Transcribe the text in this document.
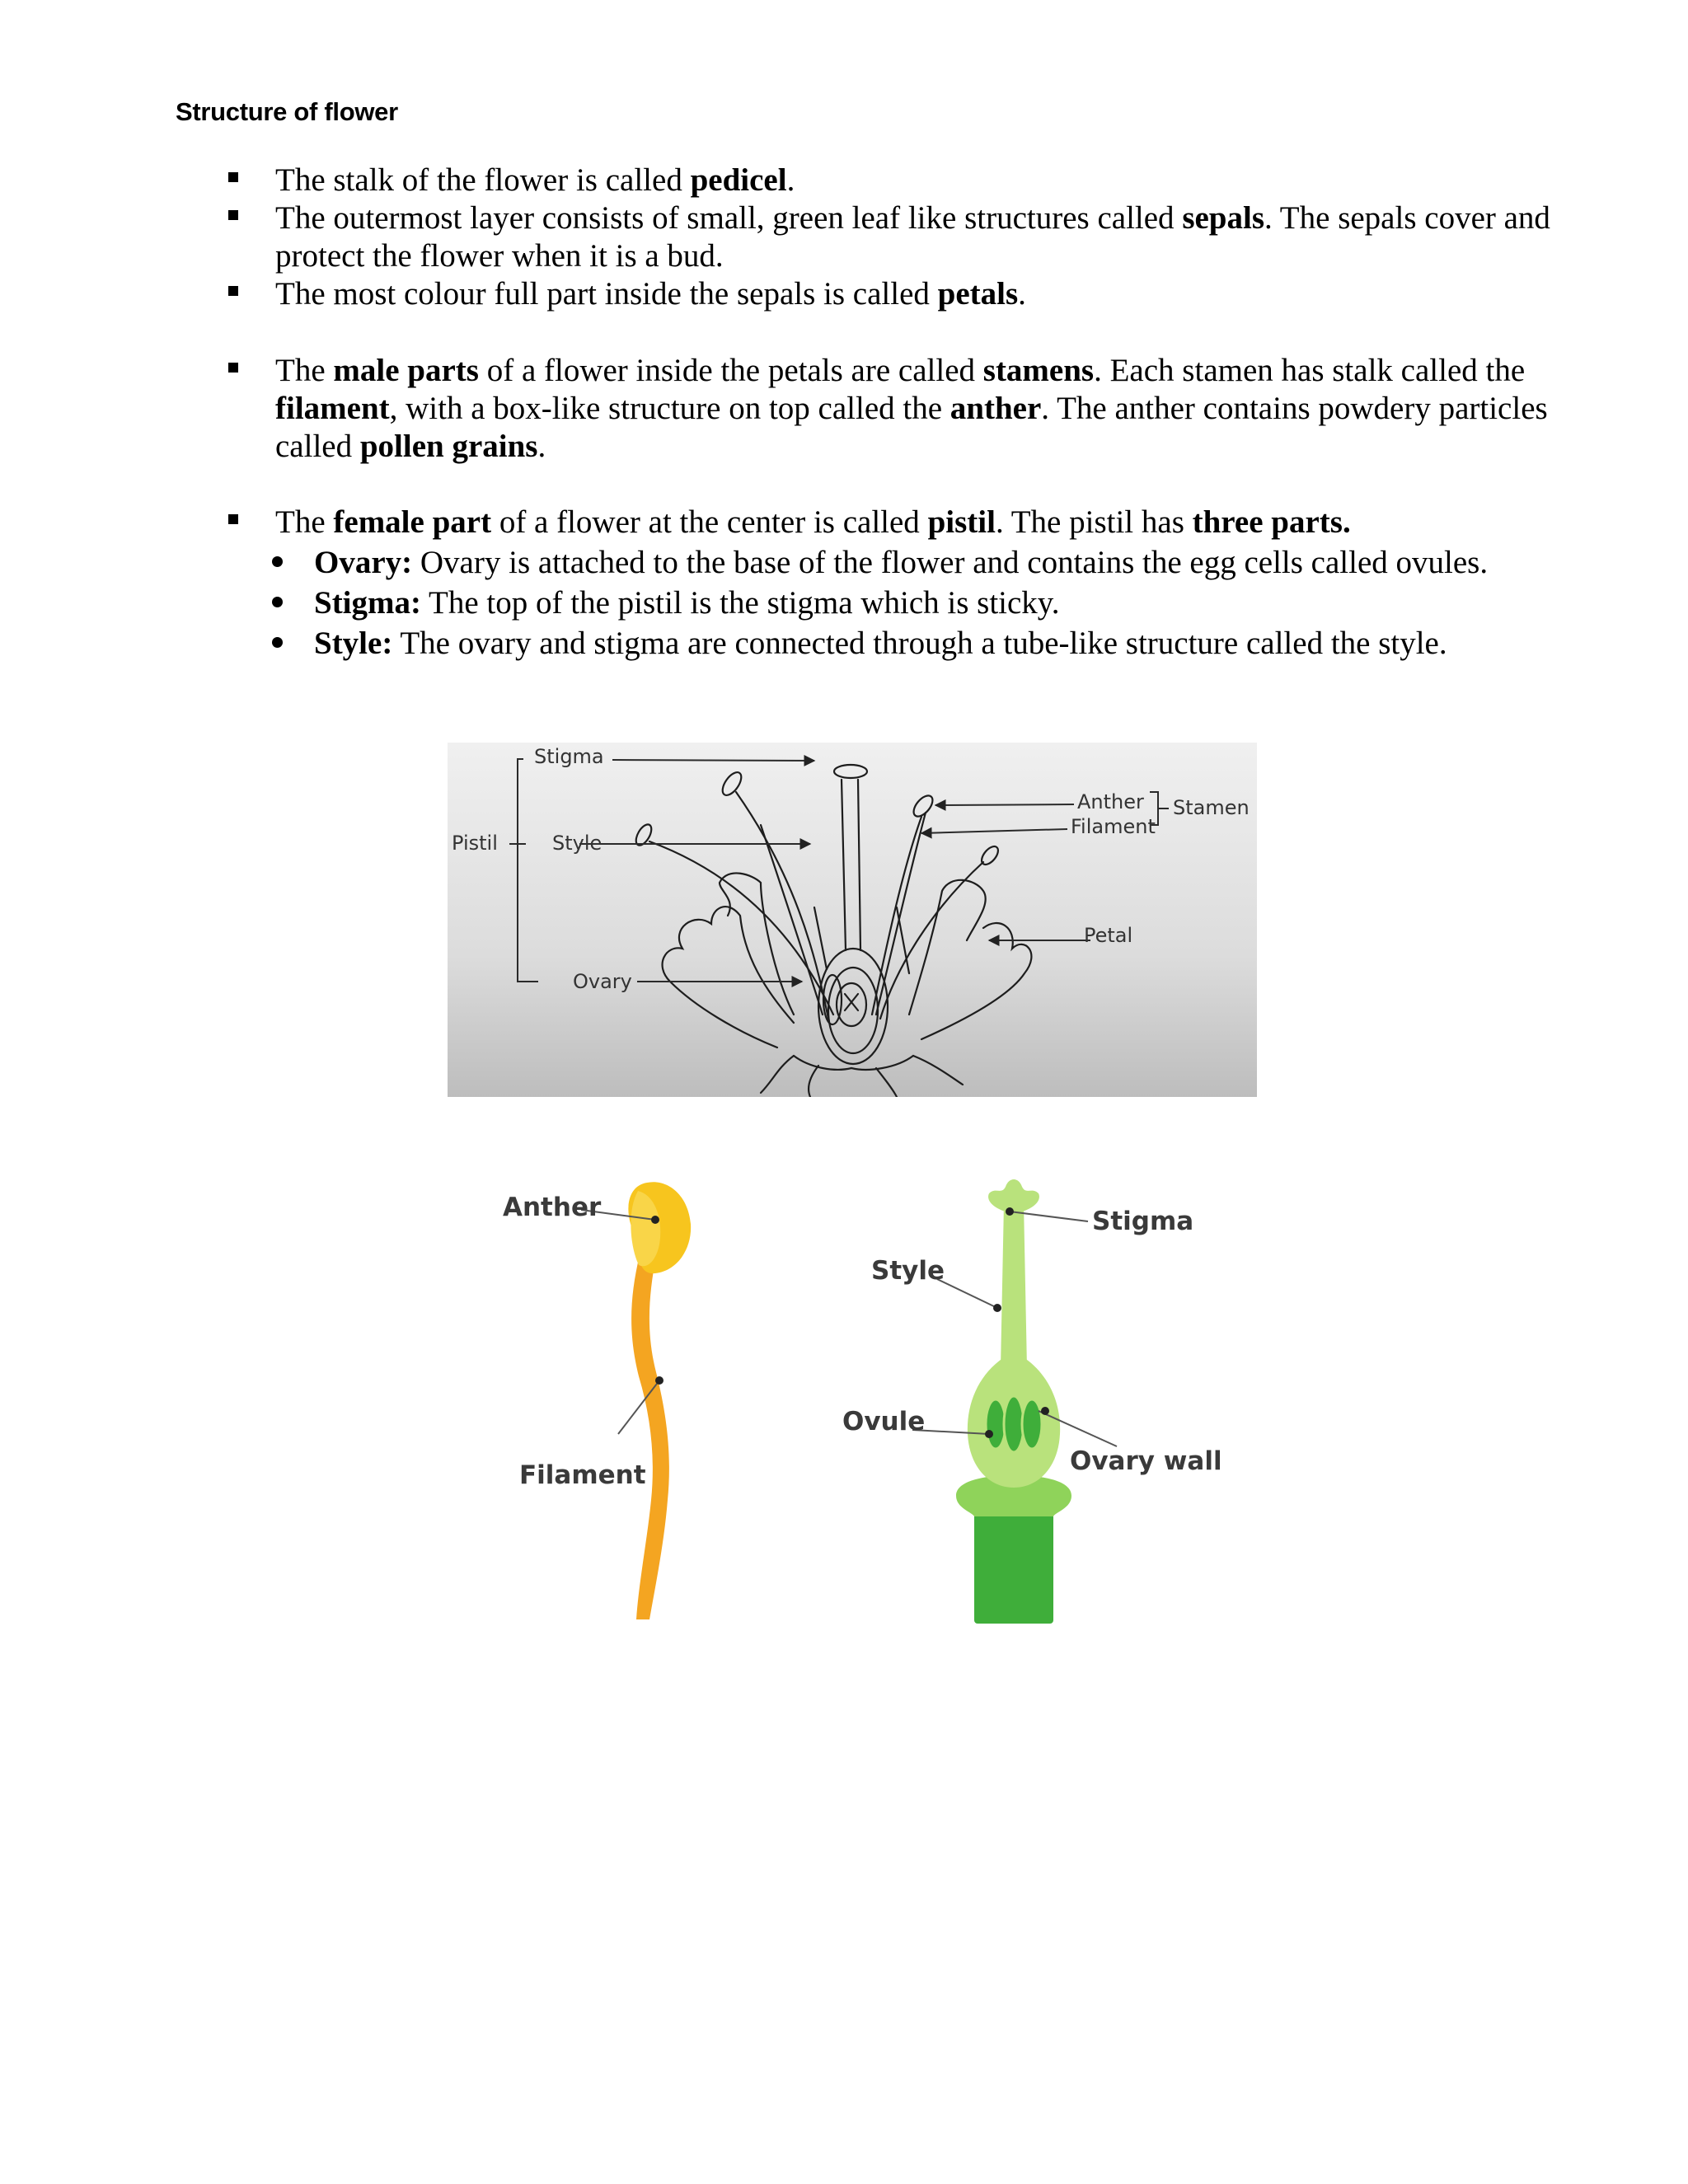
Structure of flower
The stalk of the flower is called pedicel.
The outermost layer consists of small, green leaf like structures called sepals. The sepals cover and protect the flower when it is a bud.
The most colour full part inside the sepals is called petals.
The male parts of a flower inside the petals are called stamens. Each stamen has stalk called the filament, with a box-like structure on top called the anther. The anther contains powdery particles called pollen grains.
The female part of a flower at the center is called pistil. The pistil has three parts.
Ovary: Ovary is attached to the base of the flower and contains the egg cells called ovules.
Stigma: The top of the pistil is the stigma which is sticky.
Style: The ovary and stigma are connected through a tube-like structure called the style.
Stigma
Pistil	Style
Ovary
Anther
Filament
Stamen
Petal
Anther
Filament
Style
Stigma
Ovule
Ovary wall
